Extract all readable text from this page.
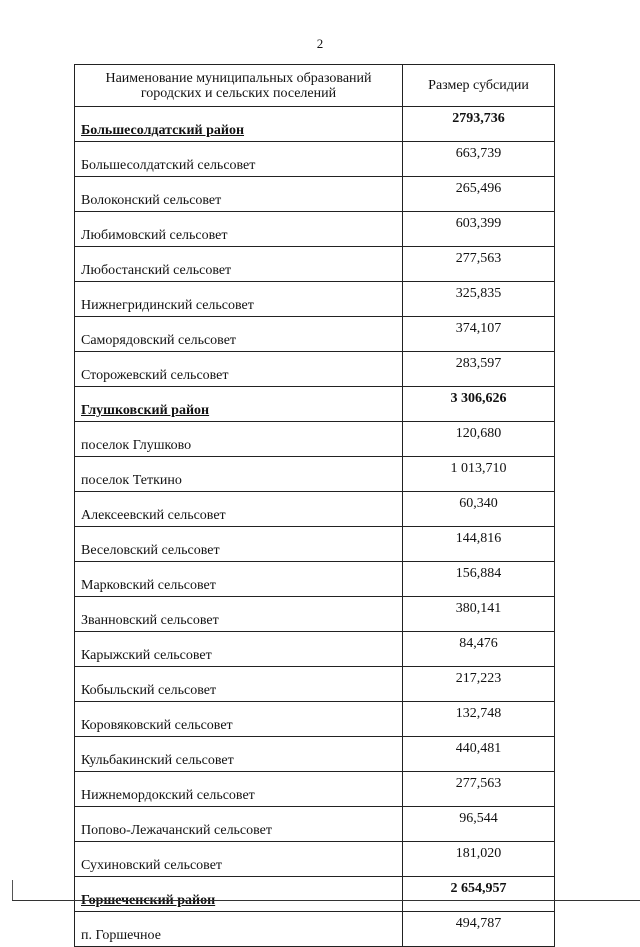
2
Наименование муниципальных образований городских и сельских поселений	Размер субсидии
Большесолдатский район	2793,736
Большесолдатский сельсовет	663,739
Волоконский сельсовет	265,496
Любимовский сельсовет	603,399
Любостанский сельсовет	277,563
Нижнегридинский сельсовет	325,835
Саморядовский сельсовет	374,107
Сторожевский сельсовет	283,597
Глушковский район	3 306,626
поселок Глушково	120,680
поселок Теткино	1 013,710
Алексеевский сельсовет	60,340
Веселовский сельсовет	144,816
Марковский сельсовет	156,884
Званновский сельсовет	380,141
Карыжский сельсовет	84,476
Кобыльский сельсовет	217,223
Коровяковский сельсовет	132,748
Кульбакинский сельсовет	440,481
Нижнемордокский сельсовет	277,563
Попово-Лежачанский сельсовет	96,544
Сухиновский сельсовет	181,020
Горшеченский район	2 654,957
п. Горшечное	494,787
